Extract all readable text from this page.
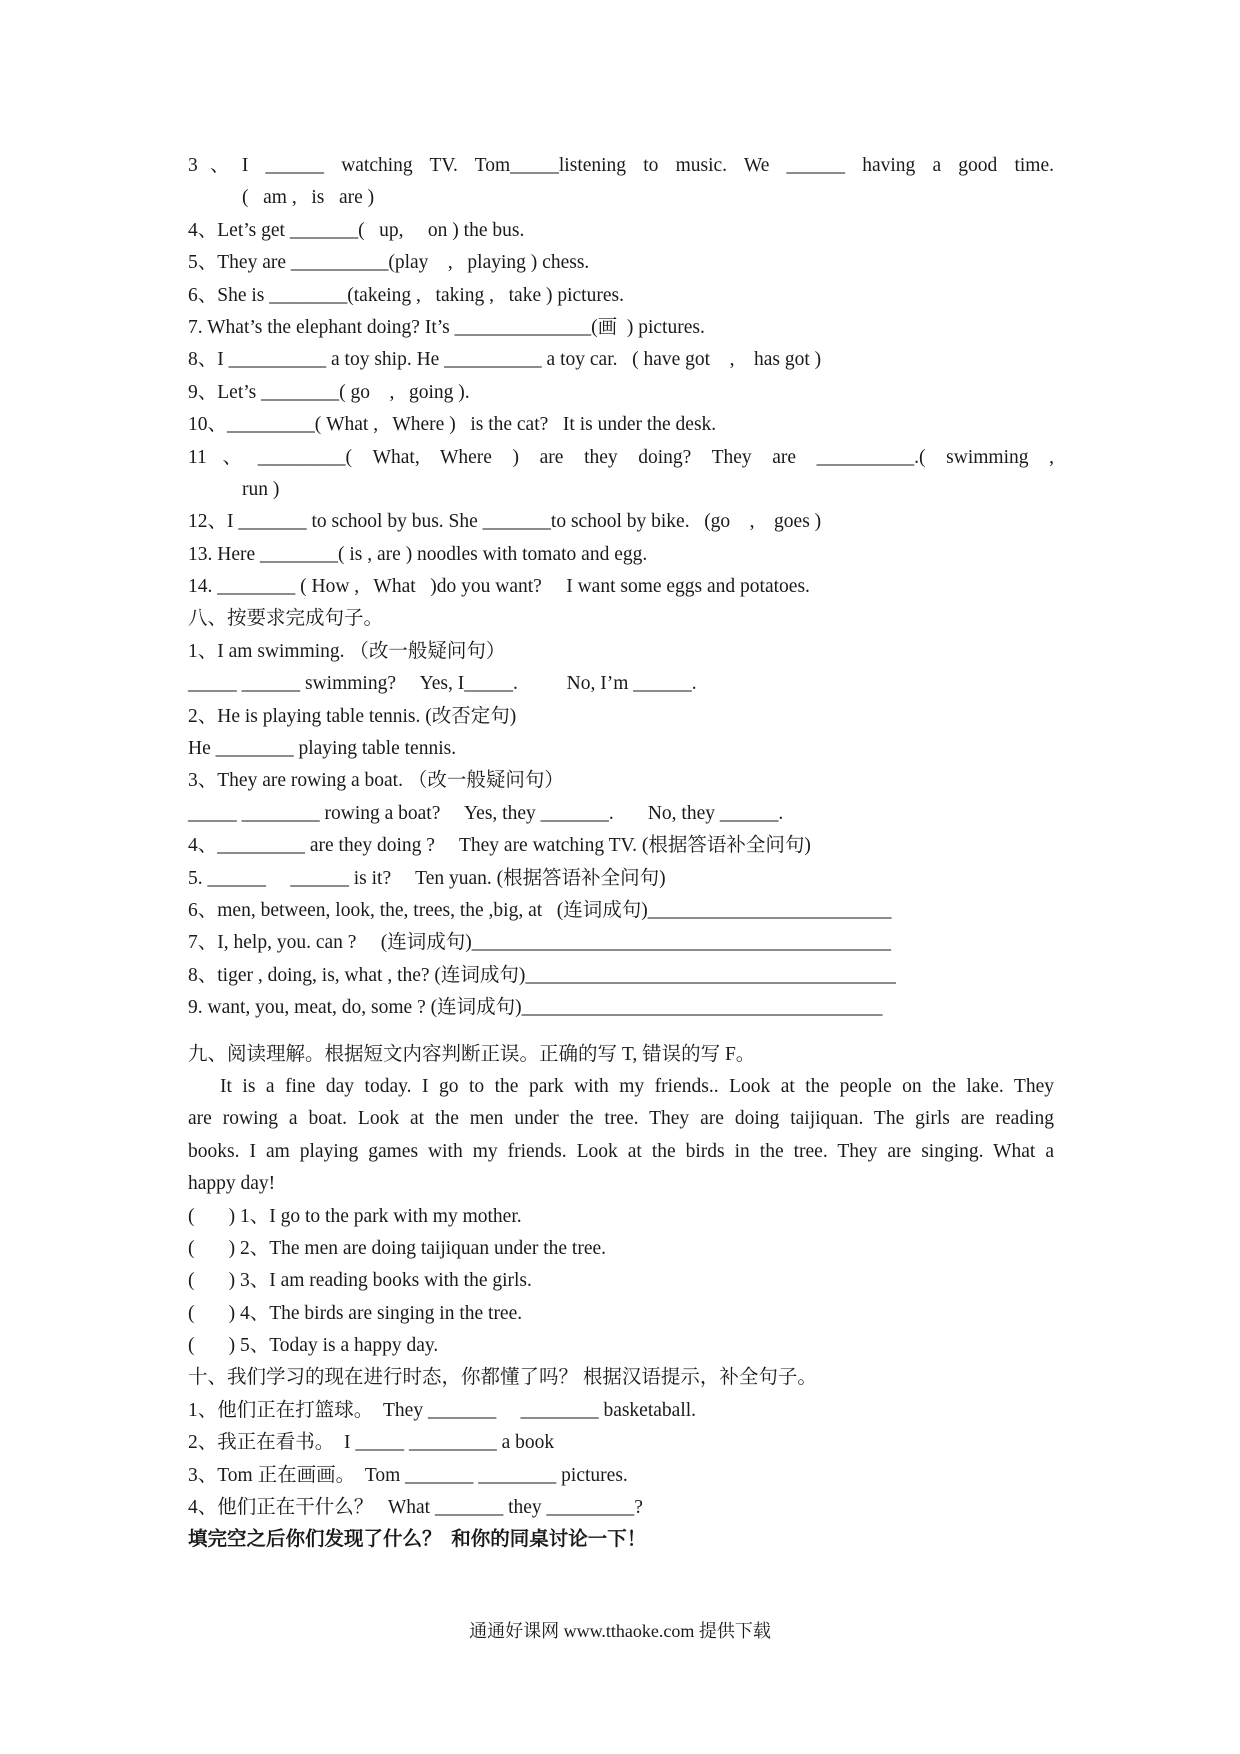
3、I ______ watching TV. Tom_____listening to music. We ______ having a good time.
(   am ,   is   are )
4、Let’s get _______(   up,     on ) the bus.
5、They are __________(play    ,   playing ) chess.
6、She is ________(takeing ,   taking ,   take ) pictures.
7. What’s the elephant doing? It’s ______________(画  ) pictures.
8、I __________ a toy ship. He __________ a toy car.   ( have got    ,    has got )
9、Let’s ________( go    ,   going ).
10、_________( What ,   Where )   is the cat?   It is under the desk.
11、_________( What, Where ) are they doing? They are __________.( swimming ,
run )
12、I _______ to school by bus. She _______to school by bike.   (go    ,    goes )
13. Here ________( is , are ) noodles with tomato and egg.
14. ________ ( How ,   What   )do you want?     I want some eggs and potatoes.
八、按要求完成句子。
1、I am swimming. （改一般疑问句）
_____ ______ swimming?     Yes, I_____.          No, I’m ______.
2、He is playing table tennis. (改否定句)
He ________ playing table tennis.
3、They are rowing a boat. （改一般疑问句）
_____ ________ rowing a boat?     Yes, they _______.       No, they ______.
4、_________ are they doing ?     They are watching TV. (根据答语补全问句)
5. ______     ______ is it?     Ten yuan. (根据答语补全问句)
6、men, between, look, the, trees, the ,big, at   (连词成句)_________________________
7、I, help, you. can ?     (连词成句)___________________________________________
8、tiger , doing, is, what , the? (连词成句)______________________________________
9. want, you, meat, do, some ? (连词成句)_____________________________________
九、阅读理解。根据短文内容判断正误。正确的写 T, 错误的写 F。
It is a fine day today. I go to the park with my friends.. Look at the people on the lake. They
are rowing a boat. Look at the men under the tree. They are doing taijiquan. The girls are reading
books. I am playing games with my friends. Look at the birds in the tree. They are singing. What a
happy day!
(       ) 1、I go to the park with my mother.
(       ) 2、The men are doing taijiquan under the tree.
(       ) 3、I am reading books with the girls.
(       ) 4、The birds are singing in the tree.
(       ) 5、Today is a happy day.
十、我们学习的现在进行时态，你都懂了吗？ 根据汉语提示，补全句子。
1、他们正在打篮球。  They _______     ________ basketaball.
2、我正在看书。  I _____ _________ a book
3、Tom 正在画画。  Tom _______ ________ pictures.
4、他们正在干什么？   What _______ they _________?
填完空之后你们发现了什么？  和你的同桌讨论一下！
通通好课网 www.tthaoke.com 提供下载
